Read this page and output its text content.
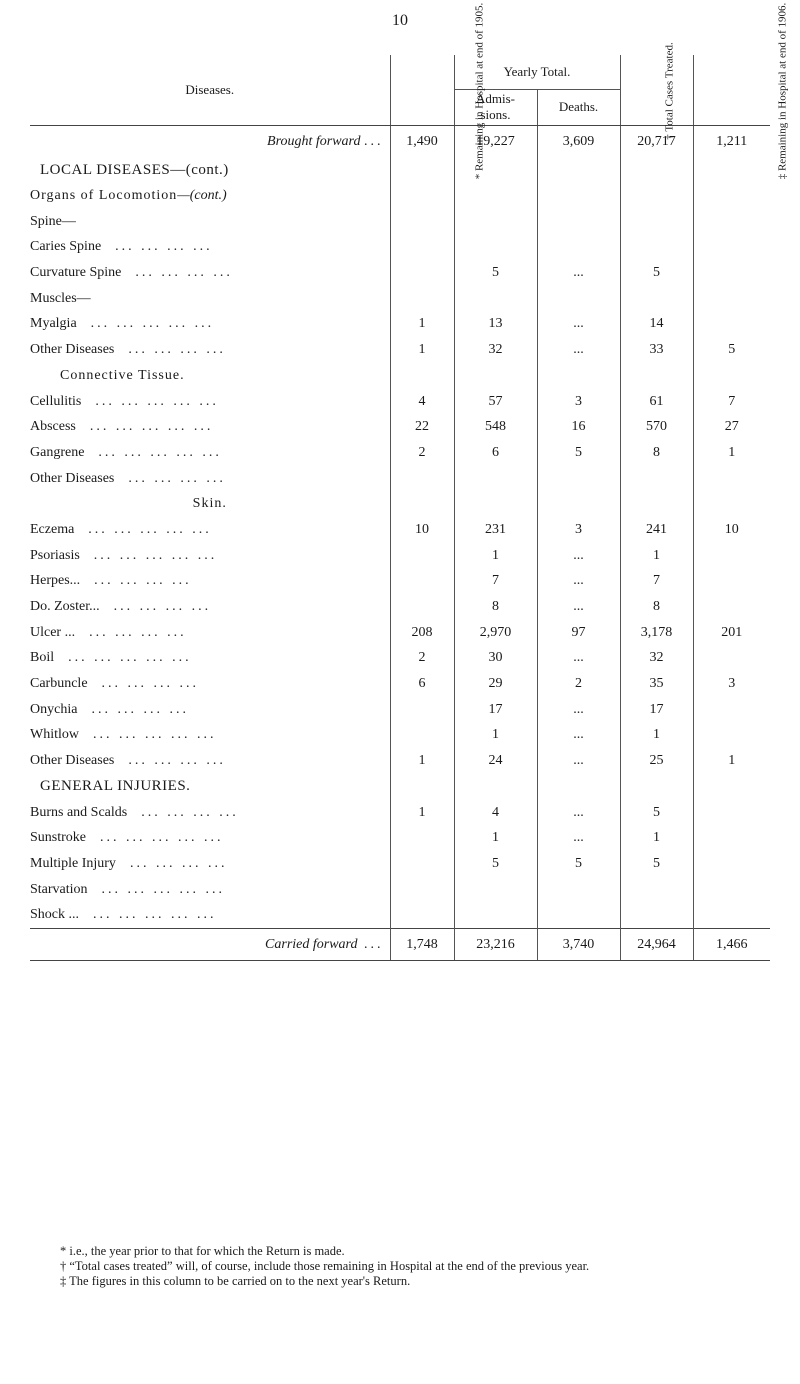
10
Diseases.	* Remaining in Hospital at end of 1905.	Yearly Total.		† Total Cases Treated.	‡ Remaining in Hospital at end of 1906.
		Admis-sions.	Deaths.		
Brought forward ...	1,490	19,227	3,609	20,717	1,211
LOCAL DISEASES—(cont.)					
Organs of Locomotion—(cont.)					
Spine—					
Caries Spine ... ... ... ...					
Curvature Spine ... ... ... ...		5	...	5	
Muscles—					
Myalgia ... ... ... ... ...	1	13	...	14	
Other Diseases ... ... ... ...	1	32	...	33	5
Connective Tissue.					
Cellulitis ... ... ... ... ...	4	57	3	61	7
Abscess ... ... ... ... ...	22	548	16	570	27
Gangrene ... ... ... ... ...	2	6	5	8	1
Other Diseases ... ... ... ...					
Skin.					
Eczema ... ... ... ... ...	10	231	3	241	10
Psoriasis ... ... ... ... ...		1	...	1	
Herpes... ... ... ... ...		7	...	7	
Do. Zoster... ... ... ... ...		8	...	8	
Ulcer ... ... ... ... ...	208	2,970	97	3,178	201
Boil ... ... ... ... ...	2	30	...	32	
Carbuncle ... ... ... ...	6	29	2	35	3
Onychia ... ... ... ...		17	...	17	
Whitlow ... ... ... ... ...		1	...	1	
Other Diseases ... ... ... ...	1	24	...	25	1
GENERAL INJURIES.					
Burns and Scalds ... ... ... ...	1	4	...	5	
Sunstroke ... ... ... ... ...		1	...	1	
Multiple Injury ... ... ... ...		5	5	5	
Starvation ... ... ... ... ...					
Shock ... ... ... ... ... ...					
Carried forward ...	1,748	23,216	3,740	24,964	1,466

* i.e., the year prior to that for which the Return is made.

† “Total cases treated” will, of course, include those remaining in Hospital at the end of the previous year.

‡ The figures in this column to be carried on to the next year's Return.
